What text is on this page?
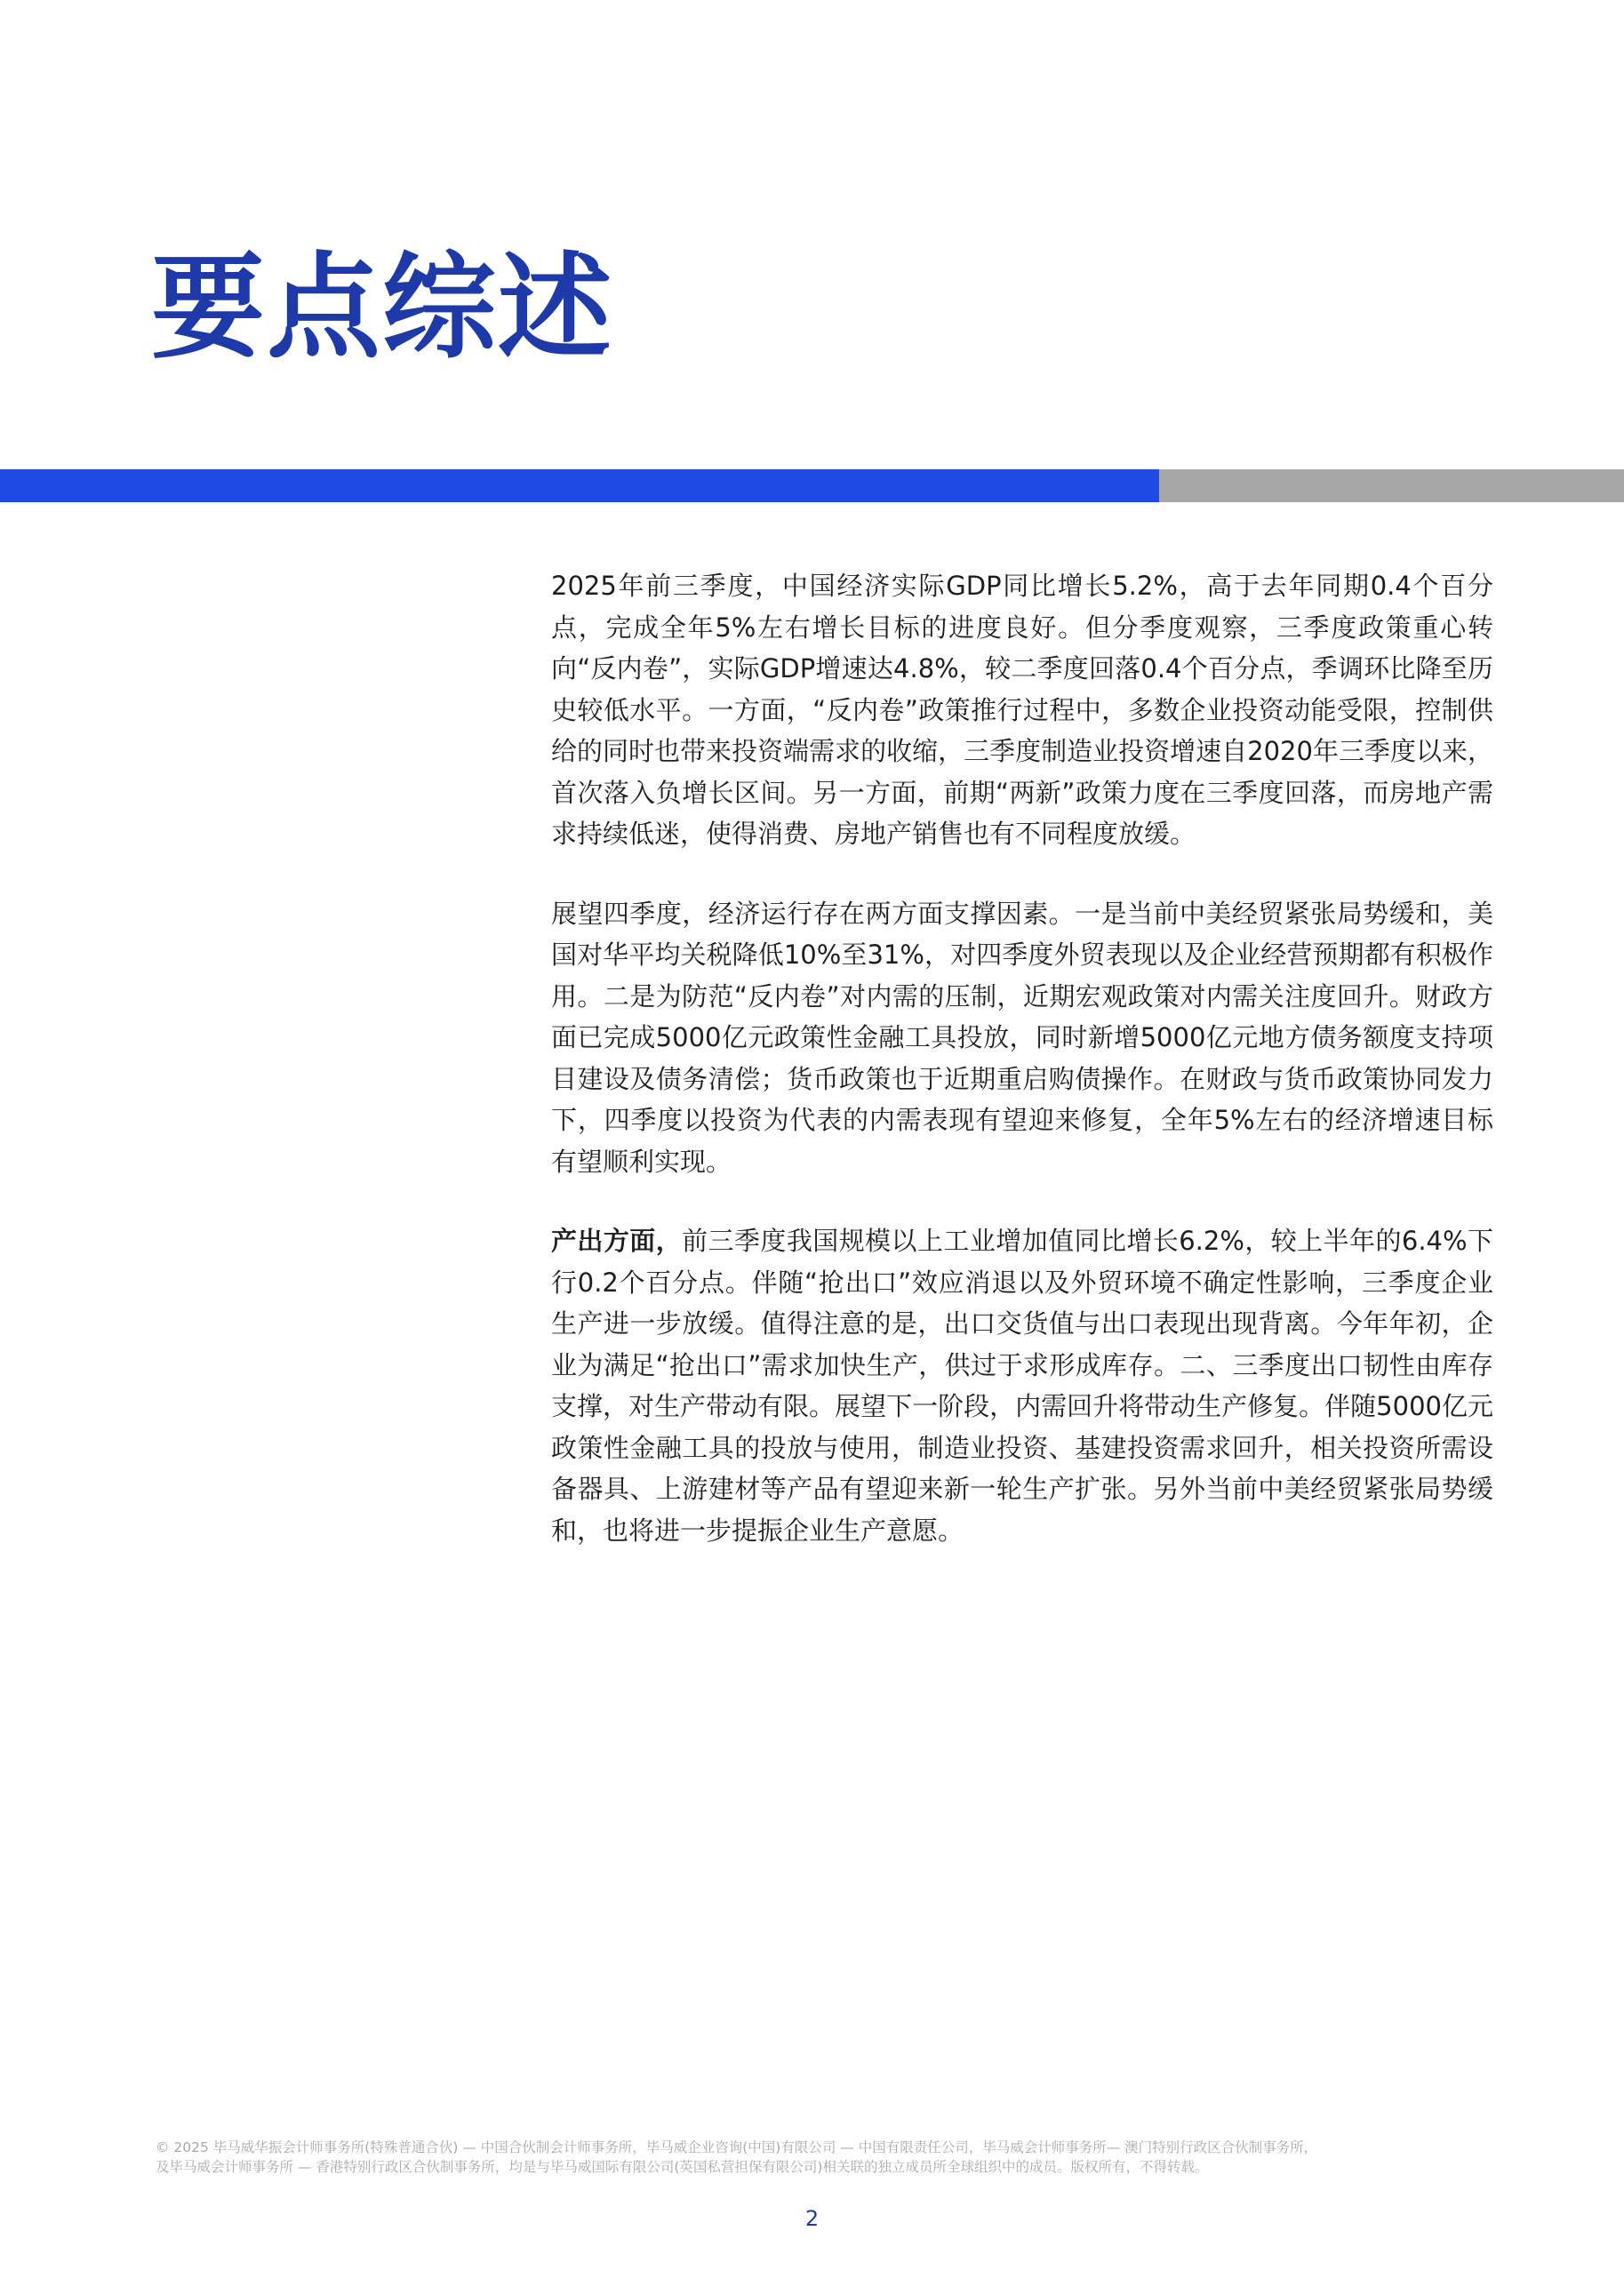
要点综述

2025年前三季度，中国经济实际GDP同比增长5.2%，高于去年同期0.4个百分点，完成全年5%左右增长目标的进度良好。但分季度观察，三季度政策重心转向“反内卷”，实际GDP增速达4.8%，较二季度回落0.4个百分点，季调环比降至历史较低水平。一方面，“反内卷”政策推行过程中，多数企业投资动能受限，控制供给的同时也带来投资端需求的收缩，三季度制造业投资增速自2020年三季度以来，首次落入负增长区间。另一方面，前期“两新”政策力度在三季度回落，而房地产需求持续低迷，使得消费、房地产销售也有不同程度放缓。

展望四季度，经济运行存在两方面支撑因素。一是当前中美经贸紧张局势缓和，美国对华平均关税降低10%至31%，对四季度外贸表现以及企业经营预期都有积极作用。二是为防范“反内卷”对内需的压制，近期宏观政策对内需关注度回升。财政方面已完成5000亿元政策性金融工具投放，同时新增5000亿元地方债务额度支持项目建设及债务清偿；货币政策也于近期重启购债操作。在财政与货币政策协同发力下，四季度以投资为代表的内需表现有望迎来修复，全年5%左右的经济增速目标有望顺利实现。

产出方面，前三季度我国规模以上工业增加值同比增长6.2%，较上半年的6.4%下行0.2个百分点。伴随“抢出口”效应消退以及外贸环境不确定性影响，三季度企业生产进一步放缓。值得注意的是，出口交货值与出口表现出现背离。今年年初，企业为满足“抢出口”需求加快生产，供过于求形成库存。二、三季度出口韧性由库存支撑，对生产带动有限。展望下一阶段，内需回升将带动生产修复。伴随5000亿元政策性金融工具的投放与使用，制造业投资、基建投资需求回升，相关投资所需设备器具、上游建材等产品有望迎来新一轮生产扩张。另外当前中美经贸紧张局势缓和，也将进一步提振企业生产意愿。

© 2025 毕马威华振会计师事务所(特殊普通合伙) — 中国合伙制会计师事务所，毕马威企业咨询(中国)有限公司 — 中国有限责任公司，毕马威会计师事务所— 澳门特别行政区合伙制事务所，
及毕马威会计师事务所 — 香港特别行政区合伙制事务所，均是与毕马威国际有限公司(英国私营担保有限公司)相关联的独立成员所全球组织中的成员。版权所有，不得转载。
2
